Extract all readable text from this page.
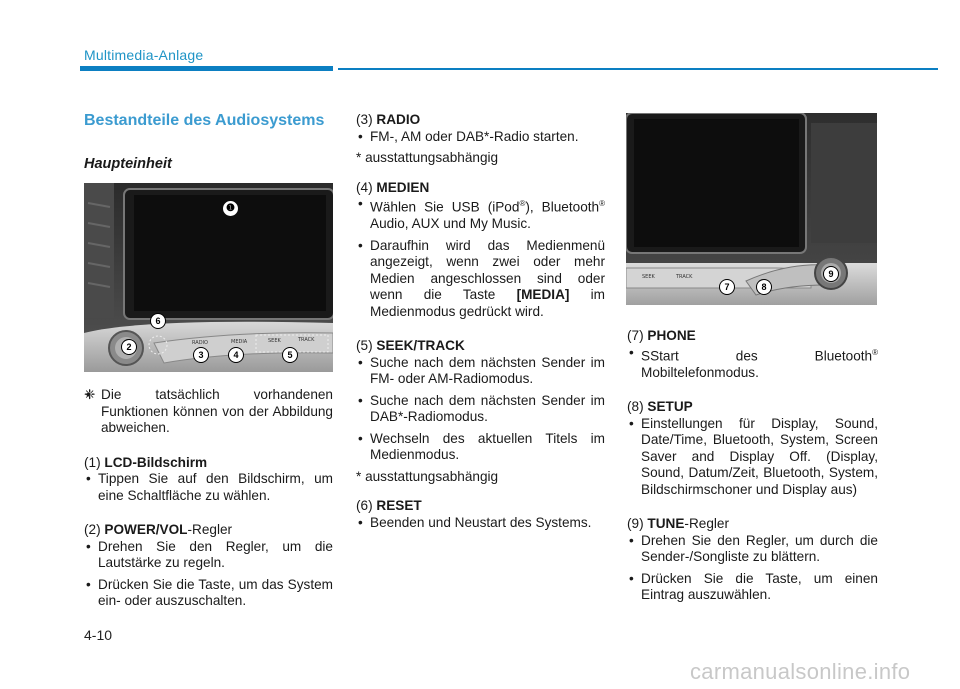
Multimedia-Anlage
Bestandteile des Audiosystems
Haupteinheit
RADIO	MEDIA	SEEK	TRACK
❶
6
2
3	4	5
SEEK	TRACK
7	8
9
• ❈ Die tatsächlich vorhandenen Funktionen können von der Abbildung abweichen.

(1) LCD-Bildschirm

• Tippen Sie auf den Bildschirm, um eine Schaltfläche zu wählen.

(2) POWER/VOL-Regler

• Drehen Sie den Regler, um die Lautstärke zu regeln.
• Drücken Sie die Taste, um das System ein- oder auszuschalten.

(3) RADIO

• FM-, AM oder DAB*-Radio starten.

* ausstattungsabhängig

(4) MEDIEN

• Wählen Sie USB (iPod®), Bluetooth® Audio, AUX und My Music.
• Daraufhin wird das Medienmenü angezeigt, wenn zwei oder mehr Medien angeschlossen sind oder wenn die Taste [MEDIA] im Medienmodus gedrückt wird.

(5) SEEK/TRACK

• Suche nach dem nächsten Sender im FM- oder AM-Radiomodus.
• Suche nach dem nächsten Sender im DAB*-Radiomodus.
• Wechseln des aktuellen Titels im Medienmodus.

* ausstattungsabhängig

(6) RESET

• Beenden und Neustart des Systems.

(7) PHONE

• SStart des Bluetooth® Mobiltelefonmodus.

(8) SETUP

• Einstellungen für Display, Sound, Date/Time, Bluetooth, System, Screen Saver and Display Off. (Display, Sound, Datum/Zeit, Bluetooth, System, Bildschirmschoner und Display aus)

(9) TUNE-Regler

• Drehen Sie den Regler, um durch die Sender-/Songliste zu blättern.
• Drücken Sie die Taste, um einen Eintrag auszuwählen.
4-10
carmanualsonline.info
